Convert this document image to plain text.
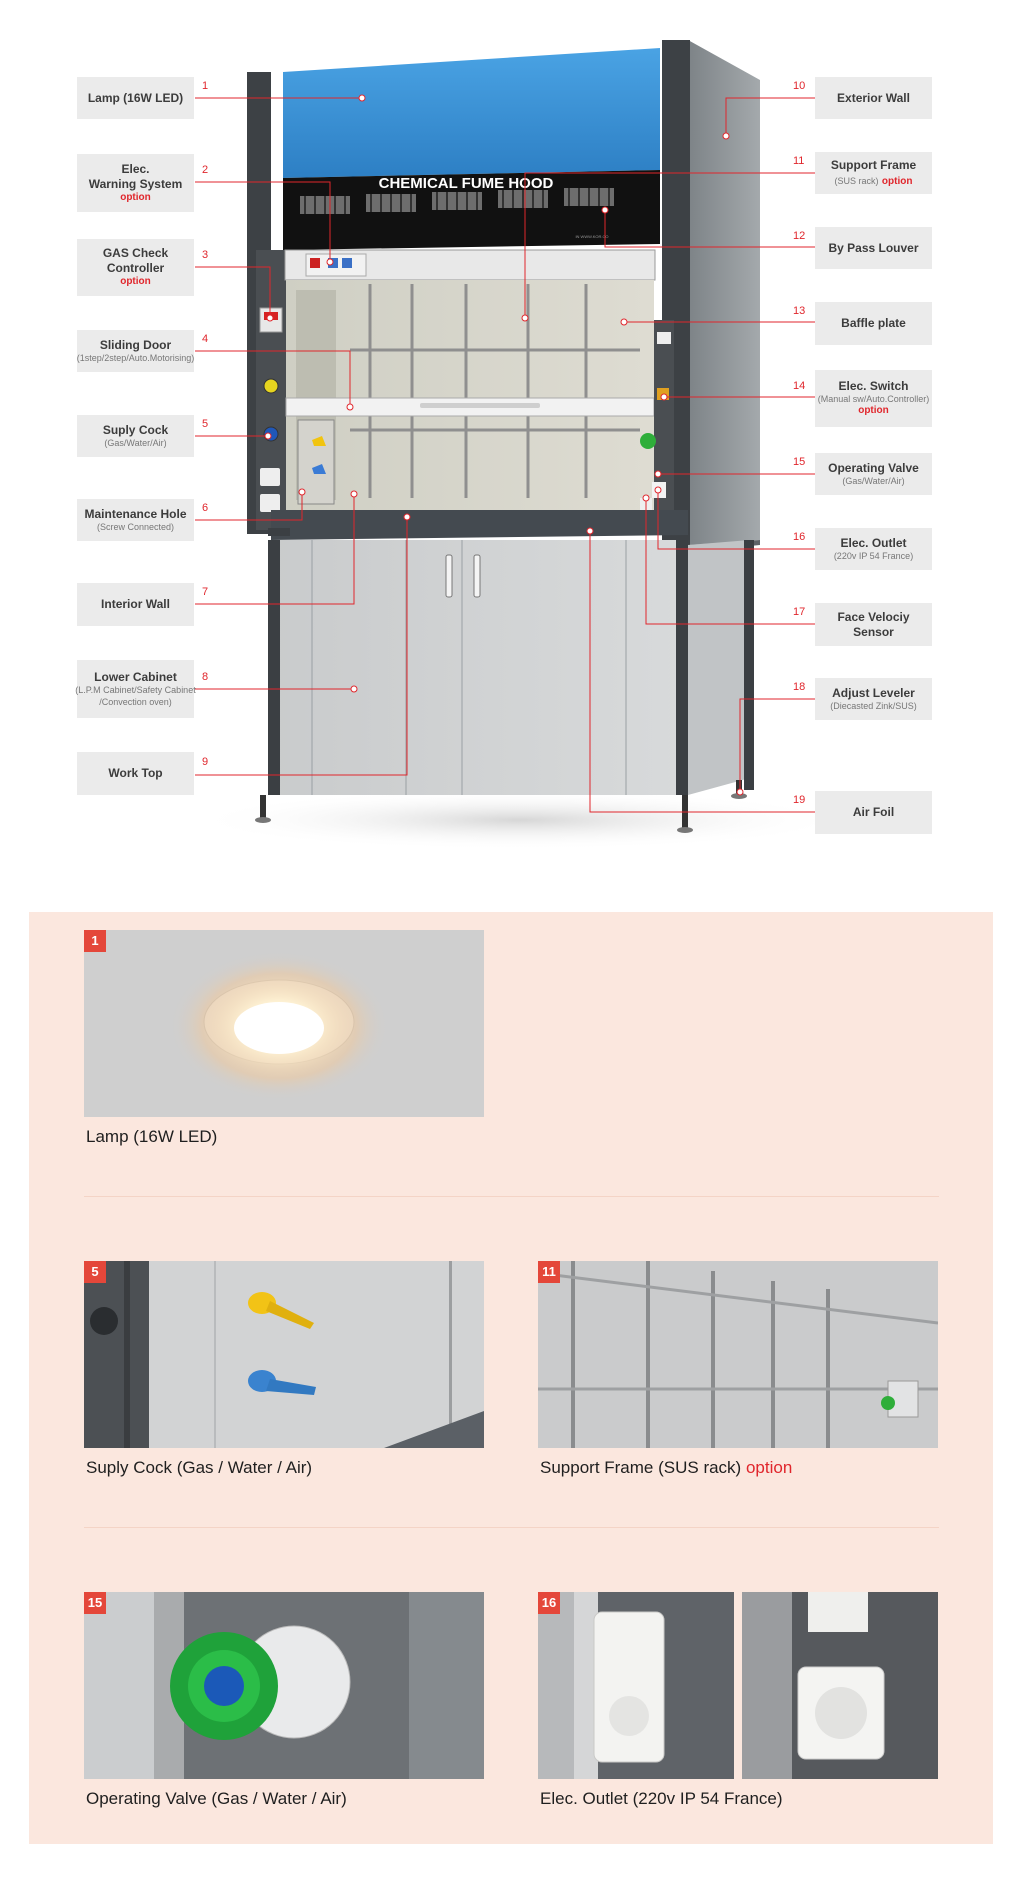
CHEMICAL FUME HOOD
IN WWW.KOR.CO
Lamp (16W LED)
1
Elec.
Warning System
option
2
GAS Check
Controller
option
3
Sliding Door
(1step/2step/Auto.Motorising)
4
Suply Cock
(Gas/Water/Air)
5
Maintenance Hole
(Screw Connected)
6
Interior Wall
7
Lower Cabinet
(L.P.M Cabinet/Safety Cabinet
/Convection oven)
8
Work Top
9
Exterior Wall
10
Support Frame
(SUS rack) option
11
By Pass Louver
12
Baffle plate
13
Elec. Switch
(Manual sw/Auto.Controller)
option
14
Operating Valve
(Gas/Water/Air)
15
Elec. Outlet
(220v IP 54 France)
16
Face Velociy
Sensor
17
Adjust Leveler
(Diecasted Zink/SUS)
18
Air Foil
19
1
Lamp (16W LED)
5
Suply Cock (Gas / Water / Air)
11
Support Frame (SUS rack) option
15
Operating Valve (Gas / Water / Air)
16
Elec. Outlet (220v IP 54 France)
